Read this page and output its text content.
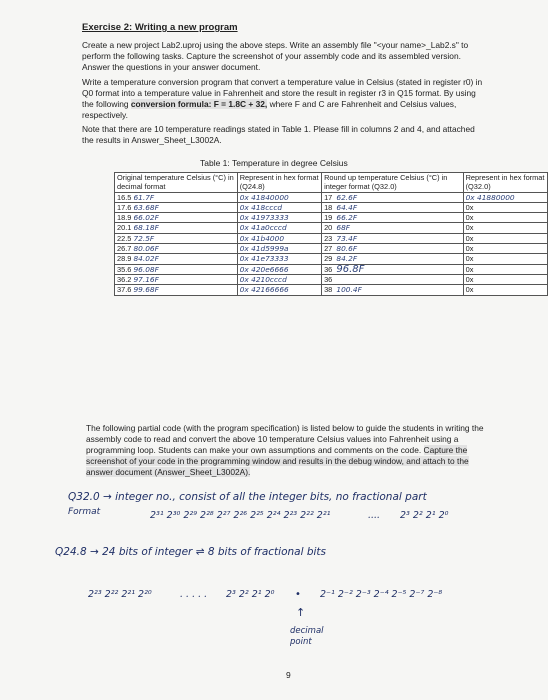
Exercise 2: Writing a new program
Create a new project Lab2.uproj using the above steps. Write an assembly file "<your name>_Lab2.s" to perform the following tasks. Capture the screenshot of your assembly code and its assembled version. Answer the questions in your answer document.
Write a temperature conversion program that convert a temperature value in Celsius (stated in register r0) in Q0 format into a temperature value in Fahrenheit and store the result in register r3 in Q15 format. By using the following conversion formula: F = 1.8C + 32, where F and C are Fahrenheit and Celsius values, respectively.
Note that there are 10 temperature readings stated in Table 1. Please fill in columns 2 and 4, and attached the results in Answer_Sheet_L3002A.
Table 1: Temperature in degree Celsius
Original temperature Celsius (°C) in decimal format	Represent in hex format (Q24.8)	Round up temperature Celsius (°C) in integer format (Q32.0)	Represent in hex format (Q32.0)
16.5 61.7F	0x 41840000	17 62.6F	0x 41880000
17.6 63.68F	0x 418cccd	18 64.4F	0x
18.9 66.02F	0x 41973333	19 66.2F	0x
20.1 68.18F	0x 41a0cccd	20 68F	0x
22.5 72.5F	0x 41b4000	23 73.4F	0x
26.7 80.06F	0x 41d5999a	27 80.6F	0x
28.9 84.02F	0x 41e73333	29 84.2F	0x
35.6 96.08F	0x 420e6666	36 96.8F	0x
36.2 97.16F	0x 4210cccd	36	0x
37.6 99.68F	0x 42166666	38 100.4F	0x
The following partial code (with the program specification) is listed below to guide the students in writing the assembly code to read and convert the above 10 temperature Celsius values into Fahrenheit using a programming loop. Students can make your own assumptions and comments on the code. Capture the screenshot of your code in the programming window and results in the debug window, and attach to the answer document (Answer_Sheet_L3002A).
Q32.0 → integer no., consist of all the integer bits, no fractional part
Format	2³¹ 2³⁰ 2²⁹ 2²⁸ 2²⁷ 2²⁶ 2²⁵ 2²⁴ 2²³ 2²² 2²¹	.... 2³ 2² 2¹ 2⁰
Q24.8 → 24 bits of integer ⇌ 8 bits of fractional bits
2²³ 2²² 2²¹ 2²⁰	. . . . . 2³ 2² 2¹ 2⁰ • 2⁻¹ 2⁻² 2⁻³ 2⁻⁴ 2⁻⁵ 2⁻⁷ 2⁻⁸
↑
decimal point
9
